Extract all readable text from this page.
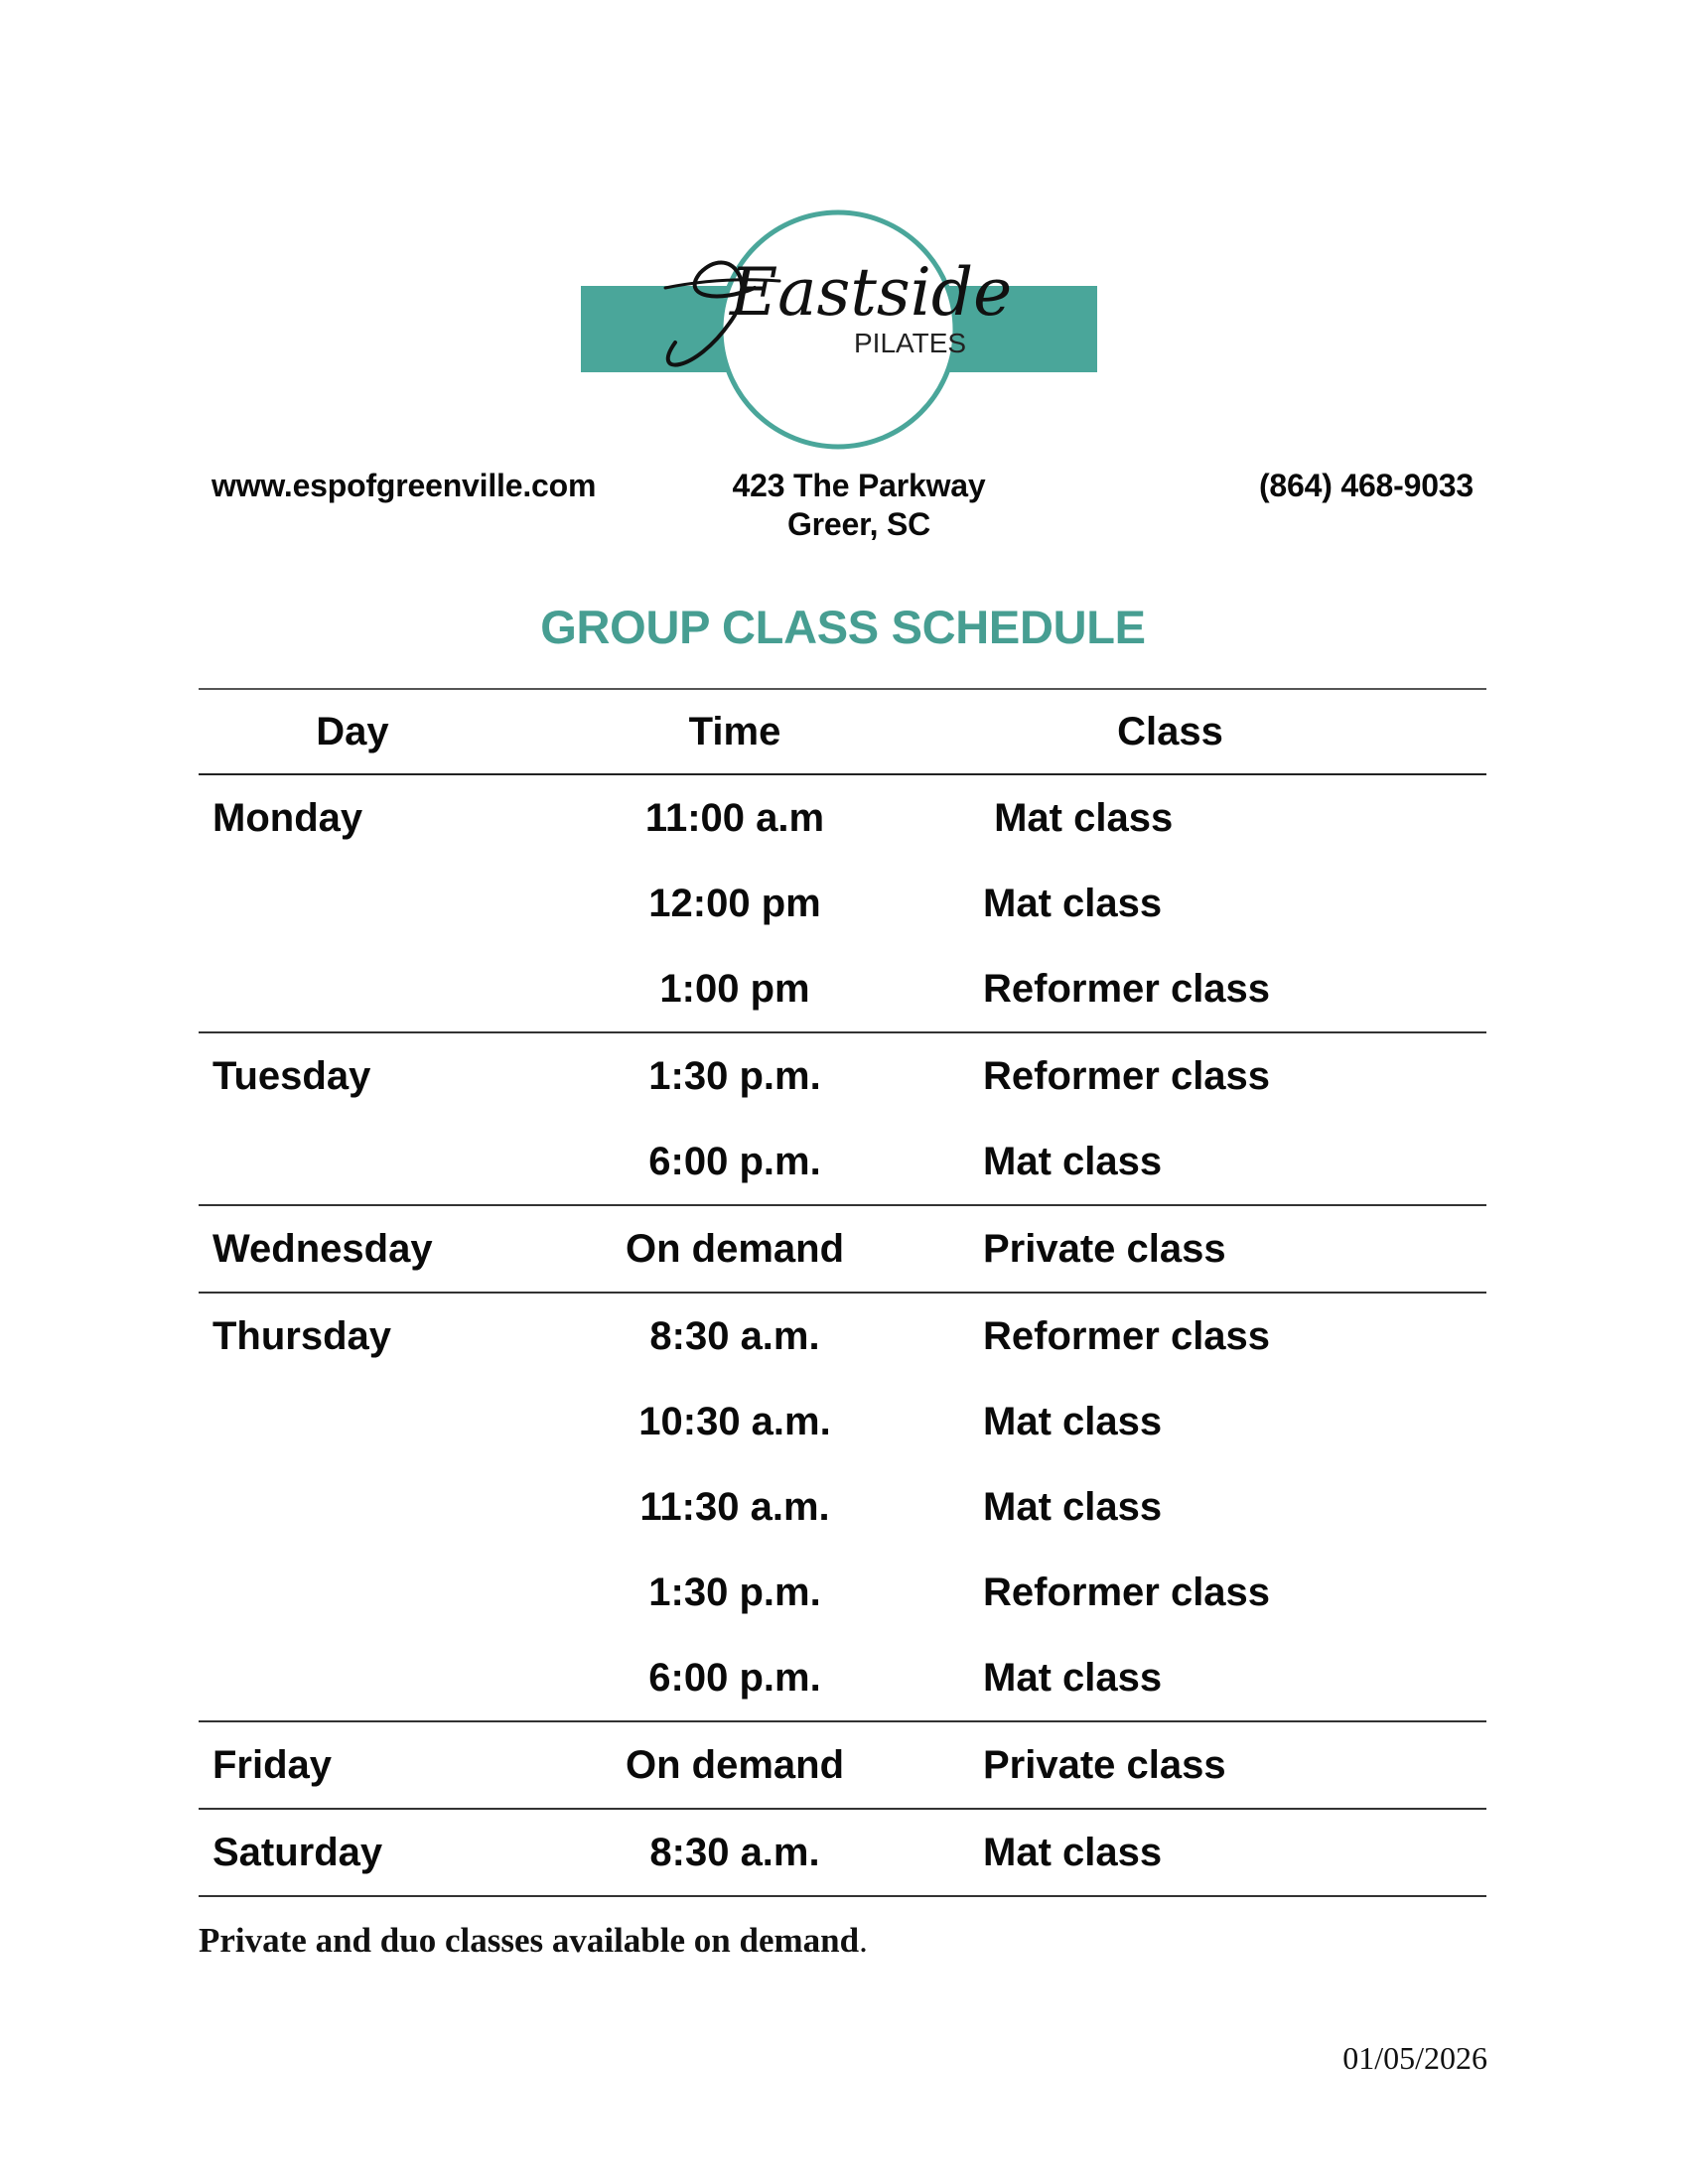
Eastside
PILATES
www.espofgreenville.com	423 The Parkway
Greer, SC
(864) 468-9033
GROUP CLASS SCHEDULE
Day	Time	Class
Monday	11:00 a.m	Mat class
12:00 pm	Mat class
1:00 pm	Reformer class
Tuesday	1:30 p.m.	Reformer class
6:00 p.m.	Mat class
Wednesday	On demand	Private class
Thursday	8:30 a.m.	Reformer class
10:30 a.m.	Mat class
11:30 a.m.	Mat class
1:30 p.m.	Reformer class
6:00 p.m.	Mat class
Friday	On demand	Private class
Saturday	8:30 a.m.	Mat class
Private and duo classes available on demand.
01/05/2026
